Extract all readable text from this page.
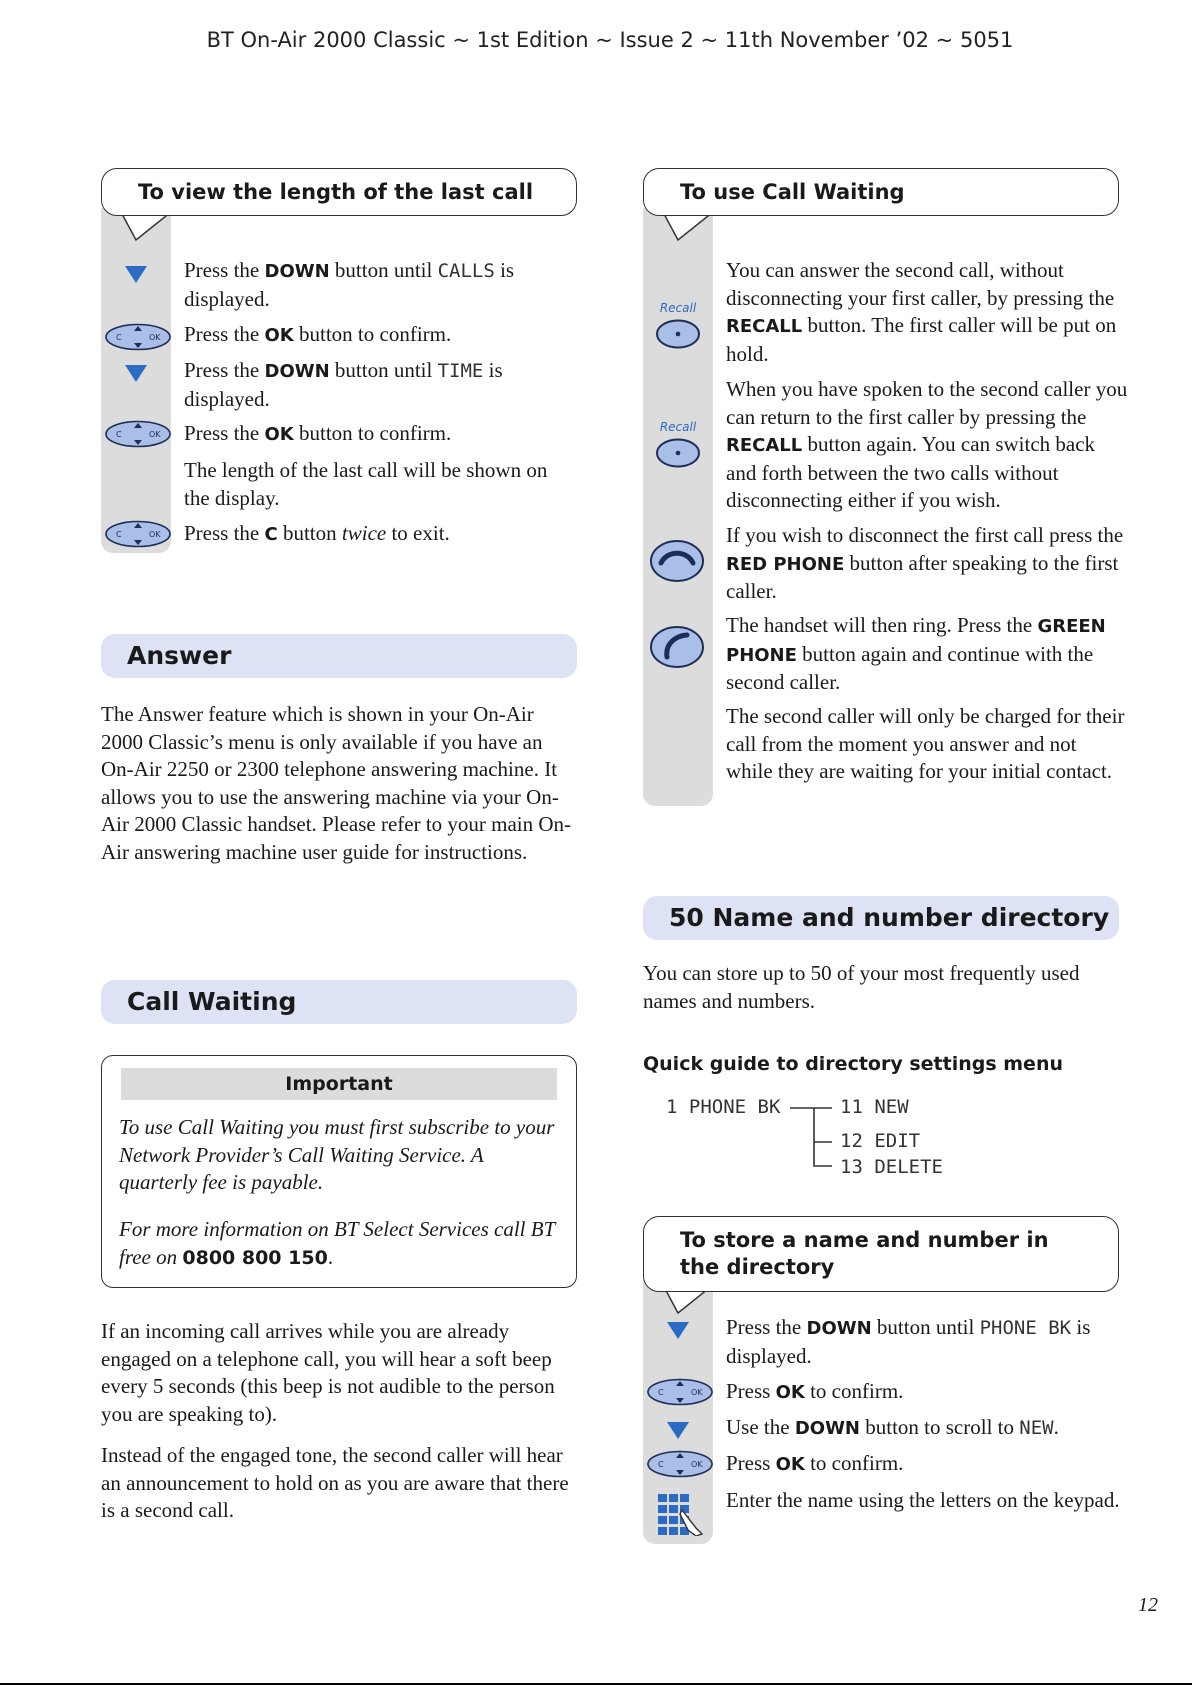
BT On-Air 2000 Classic ~ 1st Edition ~ Issue 2 ~ 11th November ’02 ~ 5051
To view the length of the last call
Press the DOWN button until CALLS is displayed.
Press the OK button to confirm.
Press the DOWN button until TIME is displayed.
Press the OK button to confirm.
The length of the last call will be shown on the display.
Press the C button twice to exit.
Answer
The Answer feature which is shown in your On-Air 2000 Classic’s menu is only available if you have an On-Air 2250 or 2300 telephone answering machine. It allows you to use the answering machine via your On-Air 2000 Classic handset. Please refer to your main On-Air answering machine user guide for instructions.
Call Waiting
Important
To use Call Waiting you must first subscribe to your Network Provider’s Call Waiting Service. A quarterly fee is payable.
For more information on BT Select Services call BT free on 0800 800 150.
If an incoming call arrives while you are already engaged on a telephone call, you will hear a soft beep every 5 seconds (this beep is not audible to the person you are speaking to).
Instead of the engaged tone, the second caller will hear an announcement to hold on as you are aware that there is a second call.
To use Call Waiting
You can answer the second call, without disconnecting your first caller, by pressing the RECALL button. The first caller will be put on hold.
When you have spoken to the second caller you can return to the first caller by pressing the RECALL button again. You can switch back and forth between the two calls without disconnecting either if you wish.
If you wish to disconnect the first call press the RED PHONE button after speaking to the first caller.
The handset will then ring. Press the GREEN PHONE button again and continue with the second caller.
The second caller will only be charged for their call from the moment you answer and not while they are waiting for your initial contact.
50 Name and number directory
You can store up to 50 of your most frequently used names and numbers.
Quick guide to directory settings menu
1 PHONE BK	11 NEW
12 EDIT
13 DELETE
To store a name and number in the directory
Press the DOWN button until PHONE BK is displayed.
Press OK to confirm.
Use the DOWN button to scroll to NEW.
Press OK to confirm.
Enter the name using the letters on the keypad.
12
